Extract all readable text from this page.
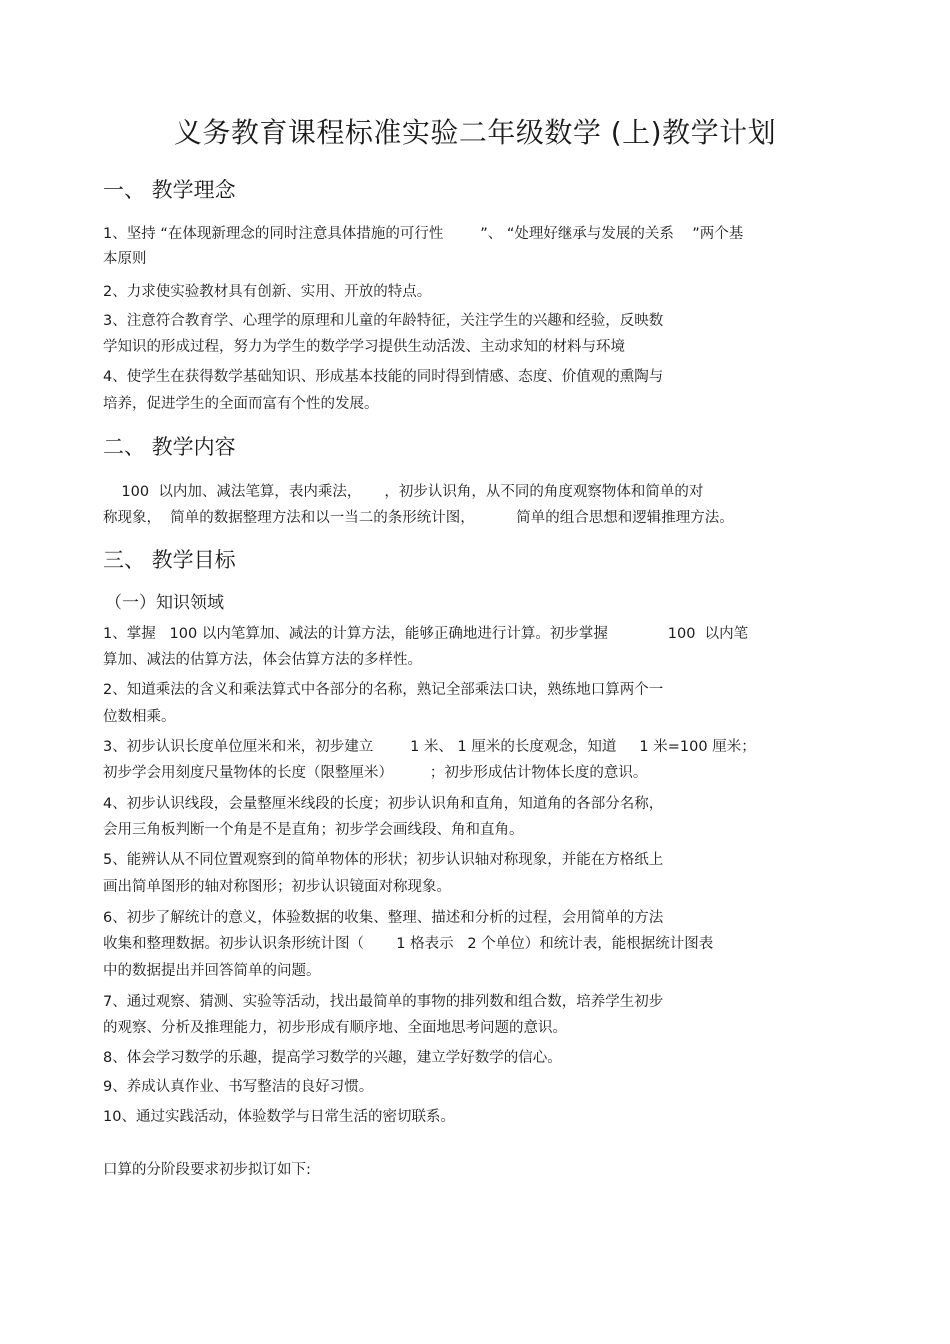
义务教育课程标准实验二年级数学 (上)教学计划
一、 教学理念
1、坚持 “在体现新理念的同时注意具体措施的可行性        ”、 “处理好继承与发展的关系    ”两个基
本原则
2、力求使实验教材具有创新、实用、开放的特点。
3、注意符合教育学、心理学的原理和儿童的年龄特征，关注学生的兴趣和经验，反映数
学知识的形成过程，努力为学生的数学学习提供生动活泼、主动求知的材料与环境
4、使学生在获得数学基础知识、形成基本技能的同时得到情感、态度、价值观的熏陶与
培养，促进学生的全面而富有个性的发展。
二、 教学内容
100  以内加、减法笔算，表内乘法，     ，初步认识角，从不同的角度观察物体和简单的对
称现象，  简单的数据整理方法和以一当二的条形统计图，         简单的组合思想和逻辑推理方法。
三、 教学目标
（一）知识领域
1、掌握   100 以内笔算加、减法的计算方法，能够正确地进行计算。初步掌握             100  以内笔
算加、减法的估算方法，体会估算方法的多样性。
2、知道乘法的含义和乘法算式中各部分的名称，熟记全部乘法口诀，熟练地口算两个一
位数相乘。
3、初步认识长度单位厘米和米，初步建立        1 米、 1 厘米的长度观念，知道     1 米=100 厘米；
初步学会用刻度尺量物体的长度（限整厘米）        ；初步形成估计物体长度的意识。
4、初步认识线段，会量整厘米线段的长度；初步认识角和直角，知道角的各部分名称，
会用三角板判断一个角是不是直角；初步学会画线段、角和直角。
5、能辨认从不同位置观察到的简单物体的形状；初步认识轴对称现象，并能在方格纸上
画出简单图形的轴对称图形；初步认识镜面对称现象。
6、初步了解统计的意义，体验数据的收集、整理、描述和分析的过程，会用简单的方法
收集和整理数据。初步认识条形统计图（       1 格表示   2 个单位）和统计表，能根据统计图表
中的数据提出并回答简单的问题。
7、通过观察、猜测、实验等活动，找出最简单的事物的排列数和组合数，培养学生初步
的观察、分析及推理能力，初步形成有顺序地、全面地思考问题的意识。
8、体会学习数学的乐趣，提高学习数学的兴趣，建立学好数学的信心。
9、养成认真作业、书写整洁的良好习惯。
10、通过实践活动，体验数学与日常生活的密切联系。
口算的分阶段要求初步拟订如下:
